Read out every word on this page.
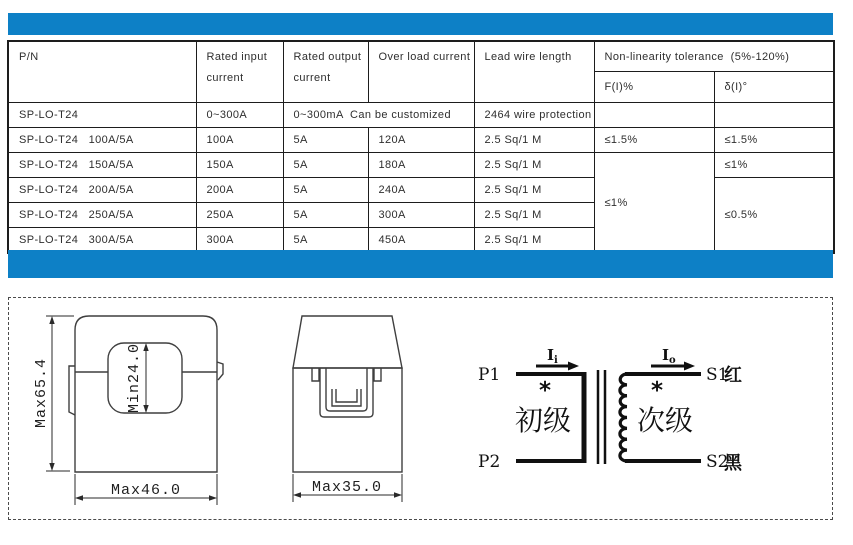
P/N	Rated input current	Rated output current	Over load current	Lead wire length	Non-linearity tolerance  (5%-120%)	
					F(I)%	δ(I)°
SP-LO-T24	0~300A	0~300mA  Can be customized		2464 wire protection		
SP-LO-T24   100A/5A	100A	5A	120A	2.5 Sq/1 M	≤1.5%	≤1.5%
SP-LO-T24   150A/5A	150A	5A	180A	2.5 Sq/1 M	≤1%	≤1%
SP-LO-T24   200A/5A	200A	5A	240A	2.5 Sq/1 M		≤0.5%
SP-LO-T24   250A/5A	250A	5A	300A	2.5 Sq/1 M		
SP-LO-T24   300A/5A	300A	5A	450A	2.5 Sq/1 M		
Max65.4	Min24.0
Max46.0	Max35.0
P1
P2
$I_i$
*
初级
$I_o$
*
次级
S1
红
S2
黑
